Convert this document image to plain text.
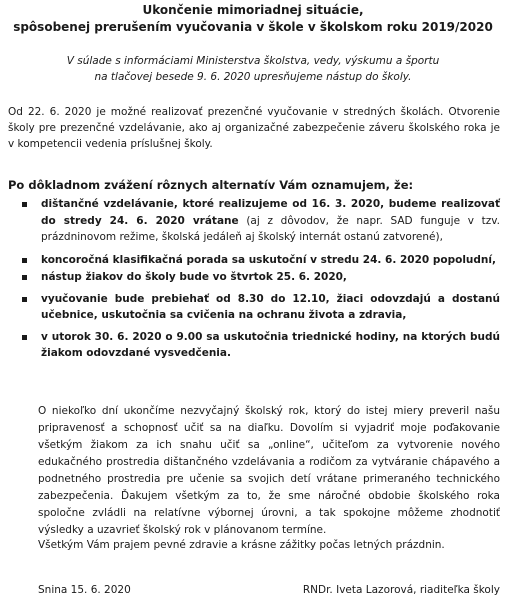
Ukončenie mimoriadnej situácie,
spôsobenej prerušením vyučovania v škole v školskom roku 2019/2020
V súlade s informáciami Ministerstva školstva, vedy, výskumu a športu
na tlačovej besede 9. 6. 2020 upresňujeme nástup do školy.
Od 22. 6. 2020 je možné realizovať prezenčné vyučovanie v stredných školách. Otvorenie školy pre prezenčné vzdelávanie, ako aj organizačné zabezpečenie záveru školského roka je v kompetencii vedenia príslušnej školy.
Po dôkladnom zvážení rôznych alternatív Vám oznamujem, že:
dištančné vzdelávanie, ktoré realizujeme od 16. 3. 2020, budeme realizovať do stredy 24. 6. 2020 vrátane (aj z dôvodov, že napr. SAD funguje v tzv. prázdninovom režime, školská jedáleň aj školský internát ostanú zatvorené),
koncoročná klasifikačná porada sa uskutoční v stredu 24. 6. 2020 popoludní,
nástup žiakov do školy bude vo štvrtok 25. 6. 2020,
vyučovanie bude prebiehať od 8.30 do 12.10, žiaci odovzdajú a dostanú učebnice, uskutočnia sa cvičenia na ochranu života a zdravia,
v utorok 30. 6. 2020 o 9.00 sa uskutočnia triednické hodiny, na ktorých budú žiakom odovzdané vysvedčenia.
O niekoľko dní ukončíme nezvyčajný školský rok, ktorý do istej miery preveril našu pripravenosť a schopnosť učiť sa na diaľku. Dovolím si vyjadriť moje poďakovanie všetkým žiakom za ich snahu učiť sa „online“, učiteľom za vytvorenie nového edukačného prostredia dištančného vzdelávania a rodičom za vytváranie chápavého a podnetného prostredia pre učenie sa svojich detí vrátane primeraného technického zabezpečenia. Ďakujem všetkým za to, že sme náročné obdobie školského roka spoločne zvládli na relatívne výbornej úrovni, a tak spokojne môžeme zhodnotiť výsledky a uzavrieť školský rok v plánovanom termíne.
Všetkým Vám prajem pevné zdravie a krásne zážitky počas letných prázdnin.
Snina 15. 6. 2020	RNDr. Iveta Lazorová, riaditeľka školy
